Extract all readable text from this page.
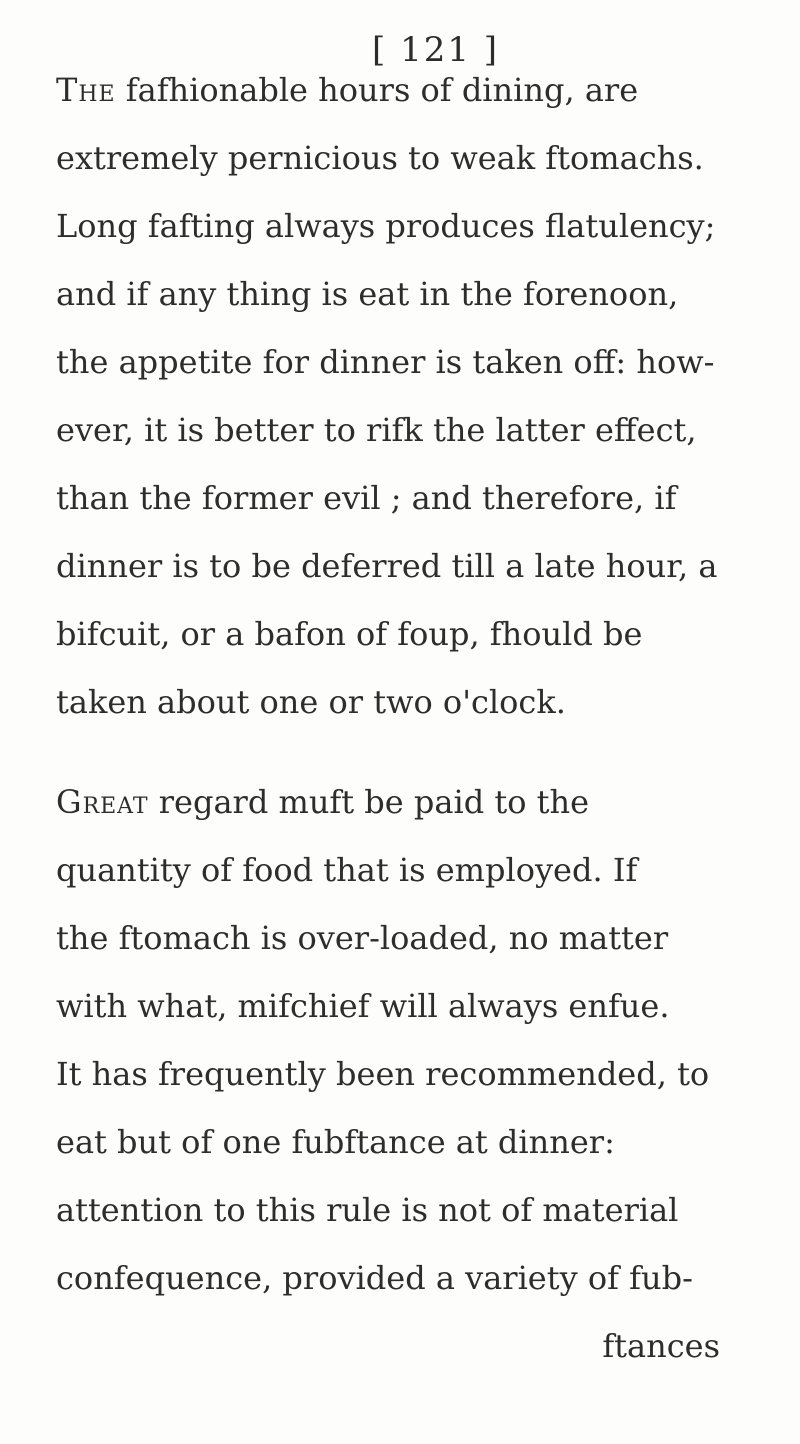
[ 121 ]
The fafhionable hours of dining, are
extremely pernicious to weak ftomachs.
Long fafting always produces flatulency;
and if any thing is eat in the forenoon,
the appetite for dinner is taken off: how-
ever, it is better to rifk the latter effect,
than the former evil ; and therefore, if
dinner is to be deferred till a late hour, a
bifcuit, or a bafon of foup, fhould be
taken about one or two o'clock.
Great regard muft be paid to the
quantity of food that is employed. If
the ftomach is over-loaded, no matter
with what, mifchief will always enfue.
It has frequently been recommended, to
eat but of one fubftance at dinner:
attention to this rule is not of material
confequence, provided a variety of fub-
ftances
